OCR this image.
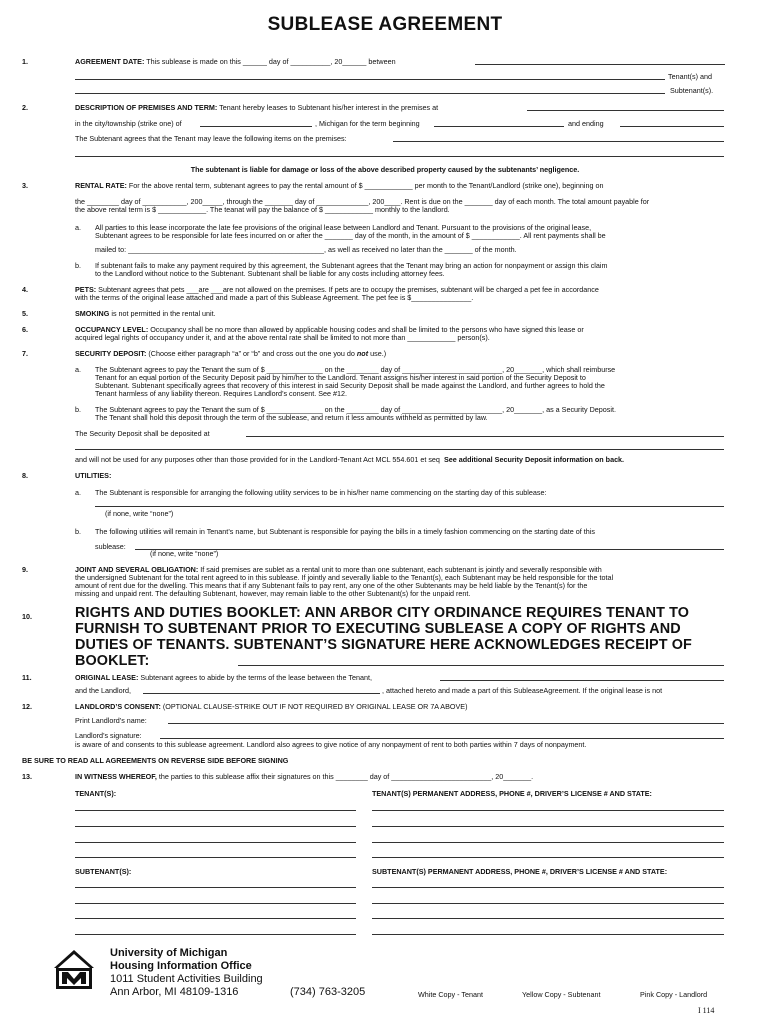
SUBLEASE AGREEMENT
1.	AGREEMENT DATE: This sublease is made on this ______ day of __________, 20______ between
Tenant(s) and
Subtenant(s).
2.	DESCRIPTION OF PREMISES AND TERM: Tenant hereby leases to Subtenant his/her interest in the premises at
in the city/township (strike one) of	, Michigan for the term beginning	and ending
The Subtenant agrees that the Tenant may leave the following items on the premises:
The subtenant is liable for damage or loss of the above described property caused by the subtenants’ negligence.
3.	RENTAL RATE: For the above rental term, subtenant agrees to pay the rental amount of $ ____________ per month to the Tenant/Landlord (strike one), beginning on
the ________ day of ___________, 200_____, through the _______ day of _____________, 200____. Rent is due on the _______ day of each month. The total amount payable for
the above rental term is $ ____________. The teanat will pay the balance of $ ____________ monthly to the landlord.
a. All parties to this lease incorporate the late fee provisions of the original lease between Landlord and Tenant. Pursuant to the provisions of the original lease,
Subtenant agrees to be responsible for late fees incurred on or after the _______ day of the month, in the amount of $ ____________. All rent payments shall be
mailed to: _________________________________________________, as well as received no later than the _______ of the month.
b. If subtenant fails to make any payment required by this agreement, the Subtenant agrees that the Tenant may bring an action for nonpayment or assign this claim
to the Landlord without notice to the Subtenant. Subtenant shall be liable for any costs including attorney fees.
4.	PETS: Subtenant agrees that pets ___are ___are not allowed on the premises. If pets are to occupy the premises, subtenant will be charged a pet fee in accordance
with the terms of the original lease attached and made a part of this Sublease Agreement. The pet fee is $_______________.
5.	SMOKING is not permitted in the rental unit.
6.	OCCUPANCY LEVEL: Occupancy shall be no more than allowed by applicable housing codes and shall be limited to the persons who have signed this lease or
acquired legal rights of occupancy under it, and at the above rental rate shall be limited to not more than ____________ person(s).
7.	SECURITY DEPOSIT: (Choose either paragraph “a” or “b” and cross out the one you do not use.)
a. The Subtenant agrees to pay the Tenant the sum of $ ______________ on the ________ day of _________________________, 20_______, which shall reimburse
Tenant for an equal portion of the Security Deposit paid by him/her to the Landlord. Tenant assigns his/her interest in said portion of the Security Deposit to
Subtenant. Subtenant specifically agrees that recovery of this interest in said Security Deposit shall be made against the Landlord, and further agrees to hold the
Tenant harmless of any liability thereon. Requires Landlord’s consent. See #12.
b. The Subtenant agrees to pay the Tenant the sum of $ ______________ on the ________ day of _________________________, 20_______, as a Security Deposit.
The Tenant shall hold this deposit through the term of the sublease, and return it less amounts withheld as permitted by law.
The Security Deposit shall be deposited at
and will not be used for any purposes other than those provided for in the Landlord-Tenant Act MCL 554.601 et seq See additional Security Deposit information on back.
8.	UTILITIES:
a. The Subtenant is responsible for arranging the following utility services to be in his/her name commencing on the starting day of this sublease:
(if none, write “none”)
b. The following utilities will remain in Tenant’s name, but Subtenant is responsible for paying the bills in a timely fashion commencing on the starting date of this
sublease:
(if none, write “none”)
9.	JOINT AND SEVERAL OBLIGATION: If said premises are sublet as a rental unit to more than one subtenant, each subtenant is jointly and severally responsible with
the undersigned Subtenant for the total rent agreed to in this sublease. If jointly and severally liable to the Tenant(s), each Subtenant may be held responsible for the total
amount of rent due for the dwelling. This means that if any Subtenant fails to pay rent, any one of the other Subtenants may be held liable by the Tenant(s) for the
missing and unpaid rent. The defaulting Subtenant, however, may remain liable to the other Subtenant(s) for the unpaid rent.
10.	RIGHTS AND DUTIES BOOKLET: ANN ARBOR CITY ORDINANCE REQUIRES TENANT TO
FURNISH TO SUBTENANT PRIOR TO EXECUTING SUBLEASE A COPY OF RIGHTS AND
DUTIES OF TENANTS. SUBTENANT’S SIGNATURE HERE ACKNOWLEDGES RECEIPT OF
BOOKLET:
11.	ORIGINAL LEASE: Subtenant agrees to abide by the terms of the lease between the Tenant,
and the Landlord,	, attached hereto and made a part of this SubleaseAgreement. If the original lease is not
12.	LANDLORD’S CONSENT: (OPTIONAL CLAUSE-STRIKE OUT IF NOT REQUIRED BY ORIGINAL LEASE OR 7A ABOVE)
Print Landlord’s name:
Landlord’s signature:
is aware of and consents to this sublease agreement. Landlord also agrees to give notice of any nonpayment of rent to both parties within 7 days of nonpayment.
BE SURE TO READ ALL AGREEMENTS ON REVERSE SIDE BEFORE SIGNING
13.	IN WITNESS WHEREOF, the parties to this sublease affix their signatures on this ________ day of _________________________, 20_______.
TENANT(S):	TENANT(S) PERMANENT ADDRESS, PHONE #, DRIVER’S LICENSE # AND STATE:
SUBTENANT(S):	SUBTENANT(S) PERMANENT ADDRESS, PHONE #, DRIVER’S LICENSE # AND STATE:
University of Michigan
Housing Information Office
1011 Student Activities Building
Ann Arbor, MI 48109-1316	(734) 763-3205	White Copy - Tenant	Yellow Copy - Subtenant	Pink Copy - Landlord
I 114
